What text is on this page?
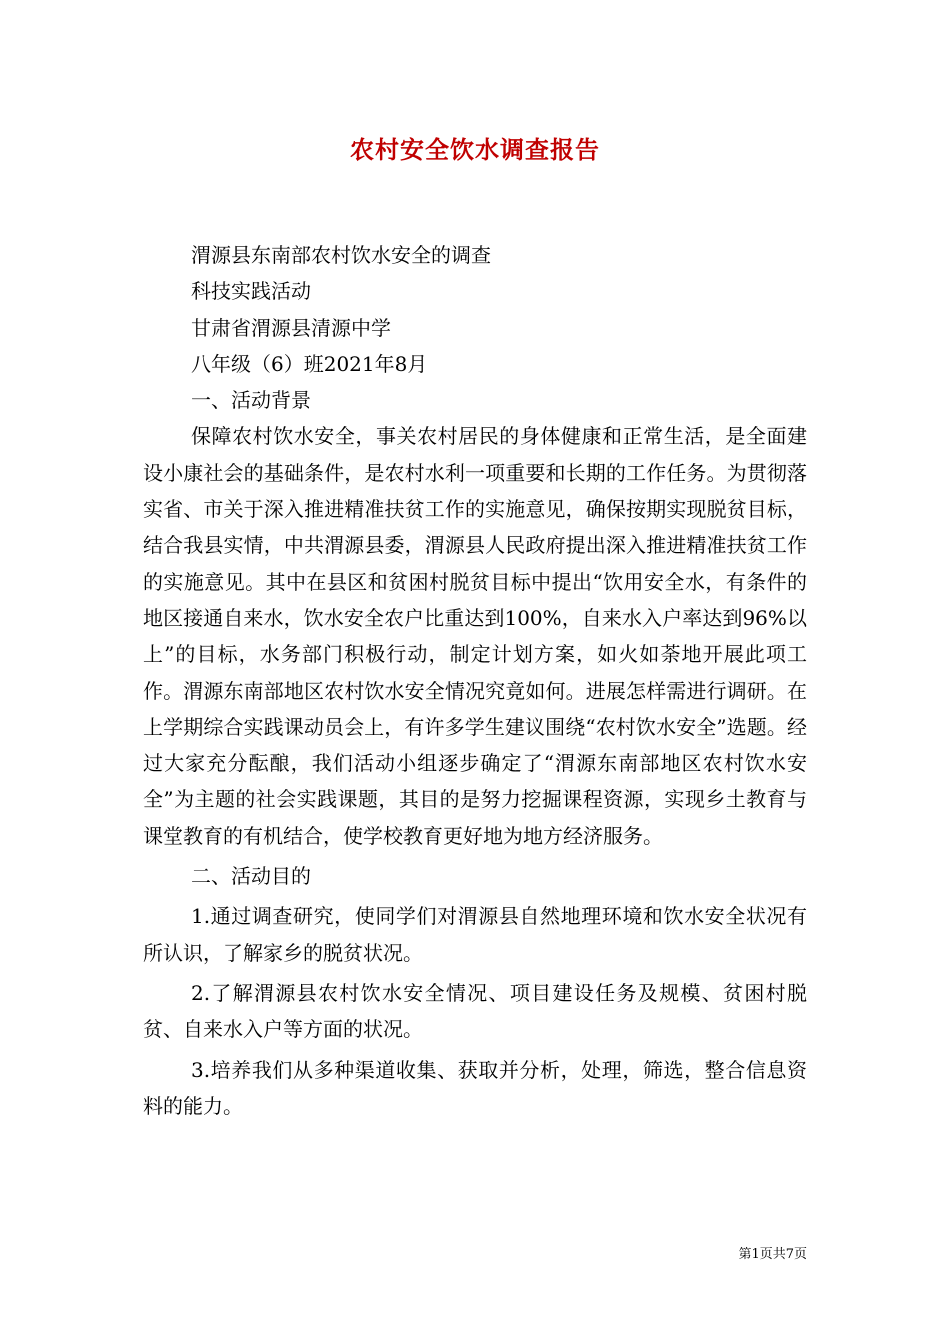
农村安全饮水调查报告

渭源县东南部农村饮水安全的调查

科技实践活动

甘肃省渭源县清源中学

八年级（6）班2021年8月

一、活动背景

保障农村饮水安全，事关农村居民的身体健康和正常生活，是全面建设小康社会的基础条件，是农村水利一项重要和长期的工作任务。为贯彻落实省、市关于深入推进精准扶贫工作的实施意见，确保按期实现脱贫目标，结合我县实情，中共渭源县委，渭源县人民政府提出深入推进精准扶贫工作的实施意见。其中在县区和贫困村脱贫目标中提出“饮用安全水，有条件的地区接通自来水，饮水安全农户比重达到100%，自来水入户率达到96%以上”的目标，水务部门积极行动，制定计划方案，如火如荼地开展此项工作。渭源东南部地区农村饮水安全情况究竟如何。进展怎样需进行调研。在上学期综合实践课动员会上，有许多学生建议围绕“农村饮水安全”选题。经过大家充分酝酿，我们活动小组逐步确定了“渭源东南部地区农村饮水安全”为主题的社会实践课题，其目的是努力挖掘课程资源，实现乡土教育与课堂教育的有机结合，使学校教育更好地为地方经济服务。

二、活动目的

1.通过调查研究，使同学们对渭源县自然地理环境和饮水安全状况有所认识，了解家乡的脱贫状况。

2.了解渭源县农村饮水安全情况、项目建设任务及规模、贫困村脱贫、自来水入户等方面的状况。

3.培养我们从多种渠道收集、获取并分析，处理，筛选，整合信息资料的能力。

第1页共7页
